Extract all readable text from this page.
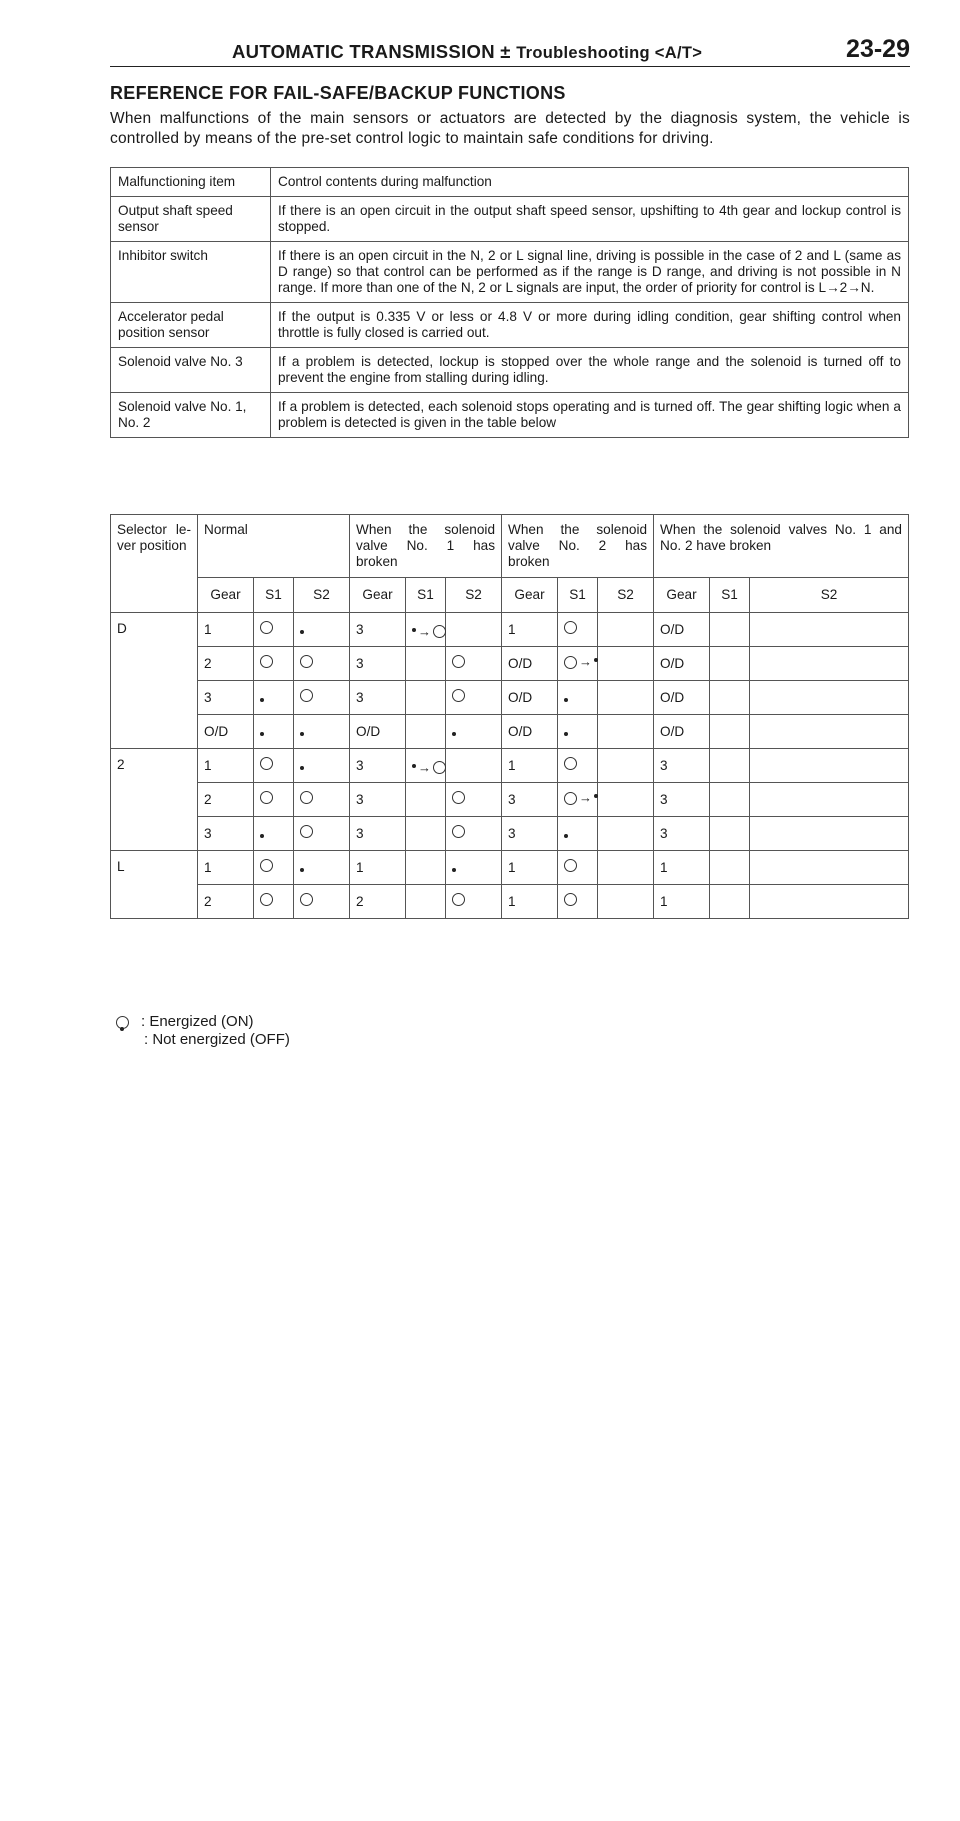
AUTOMATIC TRANSMISSION ± Troubleshooting <A/T>	23-29
REFERENCE FOR FAIL-SAFE/BACKUP FUNCTIONS
When malfunctions of the main sensors or actuators are detected by the diagnosis system, the vehicle is controlled by means of the pre-set control logic to maintain safe conditions for driving.
Malfunctioning item	Control contents during malfunction
Output shaft speed sensor	If there is an open circuit in the output shaft speed sensor, upshifting to 4th gear and lockup control is stopped.
Inhibitor switch	If there is an open circuit in the N, 2 or L signal line, driving is possible in the case of 2 and L (same as D range) so that control can be performed as if the range is D range, and driving is not possible in N range. If more than one of the N, 2 or L signals are input, the order of priority for control is L→2→N.
Accelerator pedal position sensor	If the output is 0.335 V or less or 4.8 V or more during idling condition, gear shifting control when throttle is fully closed is carried out.
Solenoid valve No. 3	If a problem is detected, lockup is stopped over the whole range and the solenoid is turned off to prevent the engine from stalling during idling.
Solenoid valve No. 1, No. 2	If a problem is detected, each solenoid stops operating and is turned off. The gear shifting logic when a problem is detected is given in the table below
Selector le-ver position	Normal			When the solenoid valve No. 1 has broken			When the solenoid valve No. 2 has broken			When the solenoid valves No. 1 and No. 2 have broken		
	Gear	S1	S2	Gear	S1	S2	Gear	S1	S2	Gear	S1	S2
D	1			3	→		1			O/D		
	2			3			O/D	→		O/D		
	3			3			O/D			O/D		
	O/D			O/D			O/D			O/D		
2	1			3	→		1			3		
	2			3			3	→		3		
	3			3			3			3		
L	1			1			1			1		
	2			2			1			1		
: Energized (ON)
: Not energized (OFF)
